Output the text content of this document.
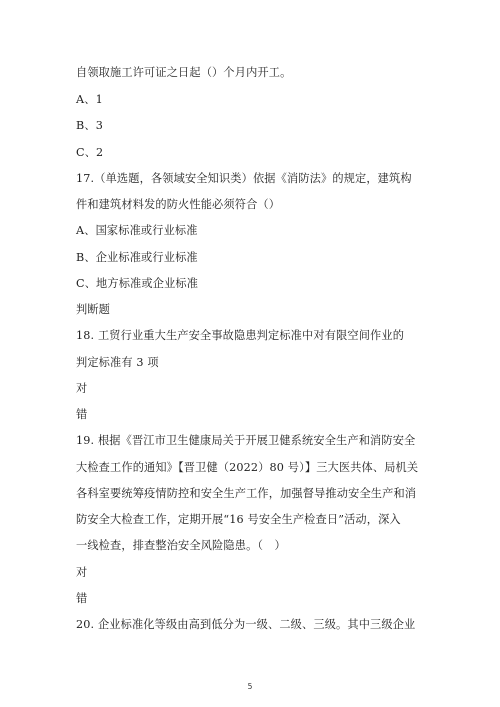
自领取施工许可证之日起（）个月内开工。
A、1
B、3
C、2
17.（单选题，各领域安全知识类）依据《消防法》的规定，建筑构
件和建筑材料发的防火性能必须符合（）
A、国家标准或行业标准
B、企业标准或行业标准
C、地方标准或企业标准
判断题
18. 工贸行业重大生产安全事故隐患判定标准中对有限空间作业的
判定标准有 3 项
对
错
19. 根据《晋江市卫生健康局关于开展卫健系统安全生产和消防安全
大检查工作的通知》【晋卫健（2022）80 号）】三大医共体、局机关
各科室要统筹疫情防控和安全生产工作，加强督导推动安全生产和消
防安全大检查工作，定期开展“16 号安全生产检查日”活动，深入
一线检查，排查整治安全风险隐患。（　）
对
错
20. 企业标准化等级由高到低分为一级、二级、三级。其中三级企业
5
